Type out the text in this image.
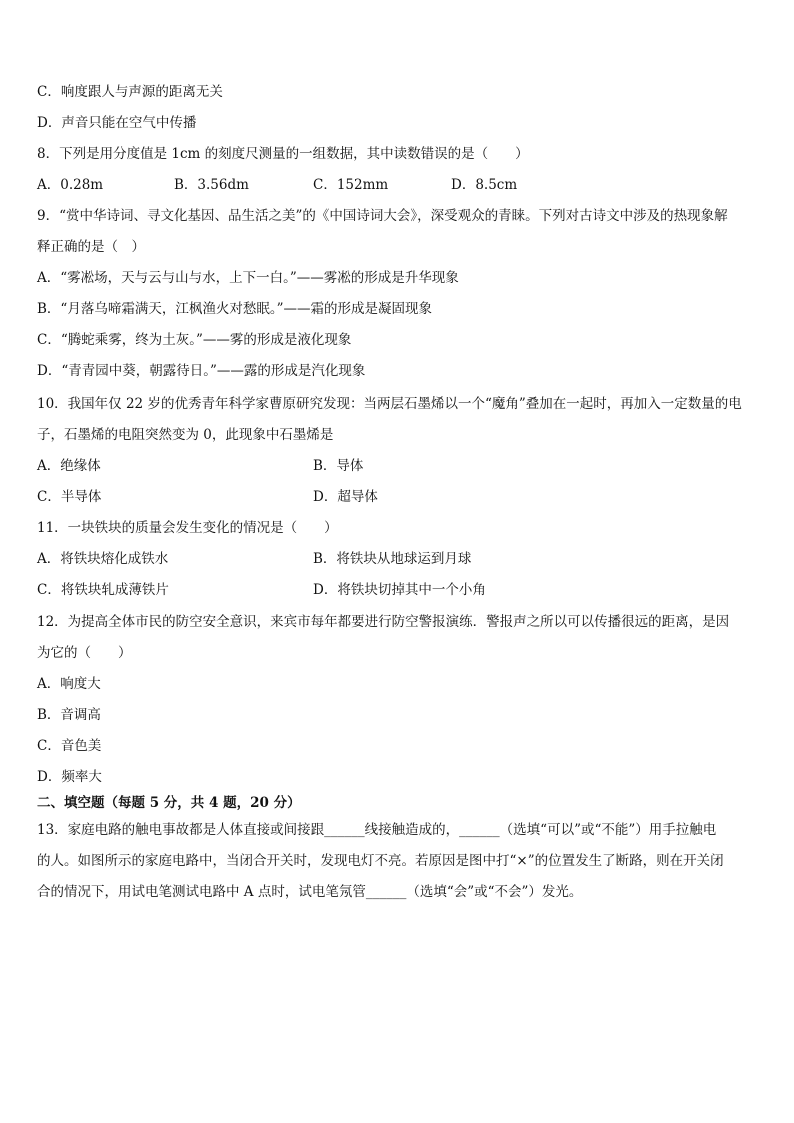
C．响度跟人与声源的距离无关
D．声音只能在空气中传播
8．下列是用分度值是 1cm 的刻度尺测量的一组数据，其中读数错误的是（　　）
A．0.28m	B．3.56dm	C．152mm	D．8.5cm
9．“赏中华诗词、寻文化基因、品生活之美”的《中国诗词大会》，深受观众的青睐。下列对古诗文中涉及的热现象解
释正确的是（　）
A．“雾凇场，天与云与山与水，上下一白。”——雾凇的形成是升华现象
B．“月落乌啼霜满天，江枫渔火对愁眠。”——霜的形成是凝固现象
C．“腾蛇乘雾，终为土灰。”——雾的形成是液化现象
D．“青青园中葵，朝露待日。”——露的形成是汽化现象
10．我国年仅 22 岁的优秀青年科学家曹原研究发现：当两层石墨烯以一个“魔角”叠加在一起时，再加入一定数量的电
子，石墨烯的电阻突然变为 0，此现象中石墨烯是
A．绝缘体	B．导体
C．半导体	D．超导体
11．一块铁块的质量会发生变化的情况是（　　）
A．将铁块熔化成铁水	B．将铁块从地球运到月球
C．将铁块轧成薄铁片	D．将铁块切掉其中一个小角
12．为提高全体市民的防空安全意识，来宾市每年都要进行防空警报演练．警报声之所以可以传播很远的距离，是因
为它的（　　）
A．响度大
B．音调高
C．音色美
D．频率大
二、填空题（每题 5 分，共 4 题，20 分）
13．家庭电路的触电事故都是人体直接或间接跟______线接触造成的，______（选填“可以”或“不能”）用手拉触电
的人。如图所示的家庭电路中，当闭合开关时，发现电灯不亮。若原因是图中打“×”的位置发生了断路，则在开关闭
合的情况下，用试电笔测试电路中 A 点时，试电笔氖管______（选填“会”或“不会”）发光。
